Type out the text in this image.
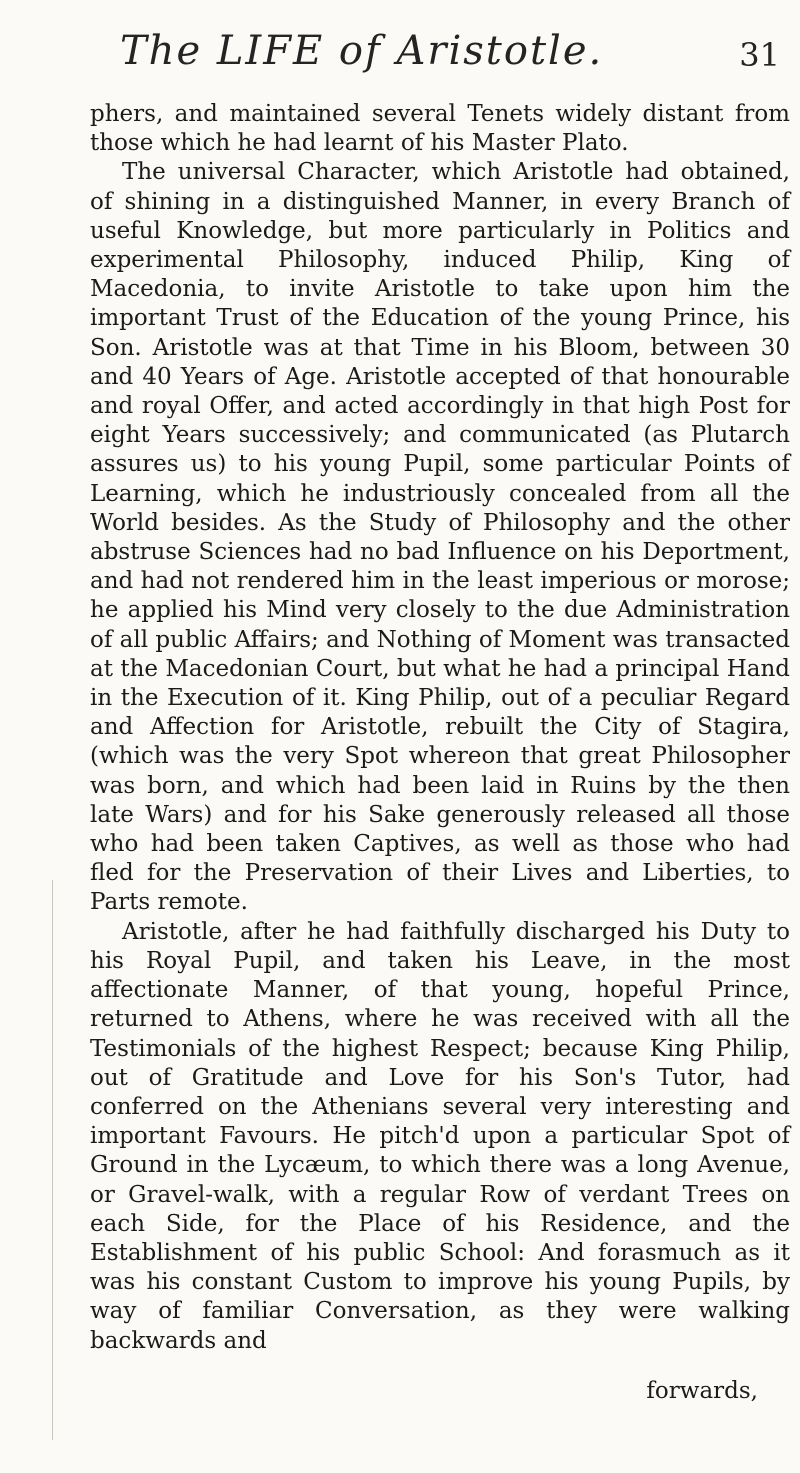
The LIFE of Aristotle.	31

phers, and maintained several Tenets widely distant from those which he had learnt of his Master Plato.

The universal Character, which Aristotle had obtained, of shining in a distinguished Manner, in every Branch of useful Knowledge, but more particularly in Politics and experimental Philosophy, induced Philip, King of Macedonia, to invite Aristotle to take upon him the important Trust of the Education of the young Prince, his Son. Aristotle was at that Time in his Bloom, between 30 and 40 Years of Age. Aristotle accepted of that honourable and royal Offer, and acted accordingly in that high Post for eight Years successively; and communicated (as Plutarch assures us) to his young Pupil, some particular Points of Learning, which he industriously concealed from all the World besides. As the Study of Philosophy and the other abstruse Sciences had no bad Influence on his Deportment, and had not rendered him in the least imperious or morose; he applied his Mind very closely to the due Administration of all public Affairs; and Nothing of Moment was transacted at the Macedonian Court, but what he had a principal Hand in the Execution of it. King Philip, out of a peculiar Regard and Affection for Aristotle, rebuilt the City of Stagira, (which was the very Spot whereon that great Philosopher was born, and which had been laid in Ruins by the then late Wars) and for his Sake generously released all those who had been taken Captives, as well as those who had fled for the Preservation of their Lives and Liberties, to Parts remote.

Aristotle, after he had faithfully discharged his Duty to his Royal Pupil, and taken his Leave, in the most affectionate Manner, of that young, hopeful Prince, returned to Athens, where he was received with all the Testimonials of the highest Respect; because King Philip, out of Gratitude and Love for his Son's Tutor, had conferred on the Athenians several very interesting and important Favours. He pitch'd upon a particular Spot of Ground in the Lycæum, to which there was a long Avenue, or Gravel-walk, with a regular Row of verdant Trees on each Side, for the Place of his Residence, and the Establishment of his public School: And forasmuch as it was his constant Custom to improve his young Pupils, by way of familiar Conversation, as they were walking backwards and

forwards,
